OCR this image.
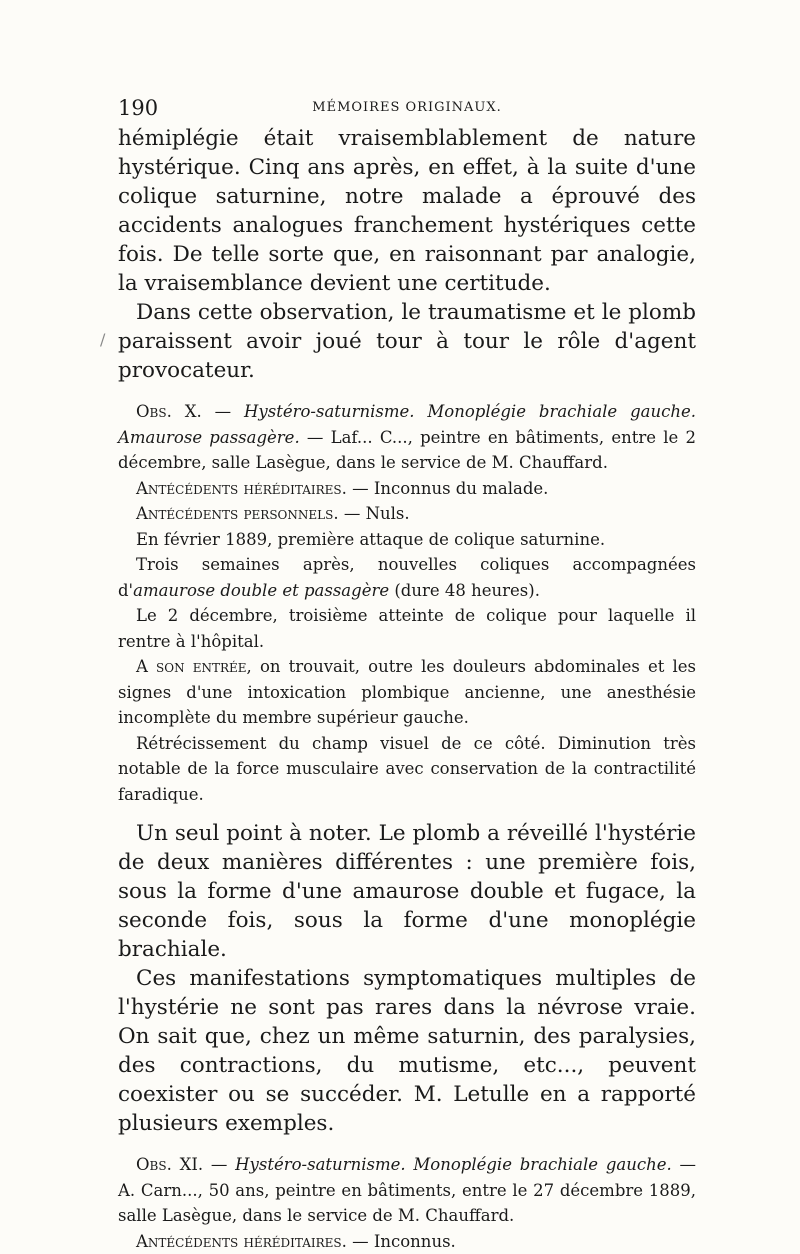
/
190	MÉMOIRES ORIGINAUX.

hémiplégie était vraisemblablement de nature hystérique. Cinq ans après, en effet, à la suite d'une colique saturnine, notre malade a éprouvé des accidents analogues franchement hystériques cette fois. De telle sorte que, en raisonnant par analogie, la vraisemblance devient une certitude.

Dans cette observation, le traumatisme et le plomb paraissent avoir joué tour à tour le rôle d'agent provocateur.

Obs. X. — Hystéro-saturnisme. Monoplégie brachiale gauche. Amaurose passagère. — Laf... C..., peintre en bâtiments, entre le 2 décembre, salle Lasègue, dans le service de M. Chauffard.

Antécédents héréditaires. — Inconnus du malade.

Antécédents personnels. — Nuls.

En février 1889, première attaque de colique saturnine.

Trois semaines après, nouvelles coliques accompagnées d'amaurose double et passagère (dure 48 heures).

Le 2 décembre, troisième atteinte de colique pour laquelle il rentre à l'hôpital.

A son entrée, on trouvait, outre les douleurs abdominales et les signes d'une intoxication plombique ancienne, une anesthésie incomplète du membre supérieur gauche.

Rétrécissement du champ visuel de ce côté. Diminution très notable de la force musculaire avec conservation de la contractilité faradique.

Un seul point à noter. Le plomb a réveillé l'hystérie de deux manières différentes : une première fois, sous la forme d'une amaurose double et fugace, la seconde fois, sous la forme d'une monoplégie brachiale.

Ces manifestations symptomatiques multiples de l'hystérie ne sont pas rares dans la névrose vraie. On sait que, chez un même saturnin, des paralysies, des contractions, du mutisme, etc..., peuvent coexister ou se succéder. M. Letulle en a rapporté plusieurs exemples.

Obs. XI. — Hystéro-saturnisme. Monoplégie brachiale gauche. — A. Carn..., 50 ans, peintre en bâtiments, entre le 27 décembre 1889, salle Lasègue, dans le service de M. Chauffard.

Antécédents héréditaires. — Inconnus.
